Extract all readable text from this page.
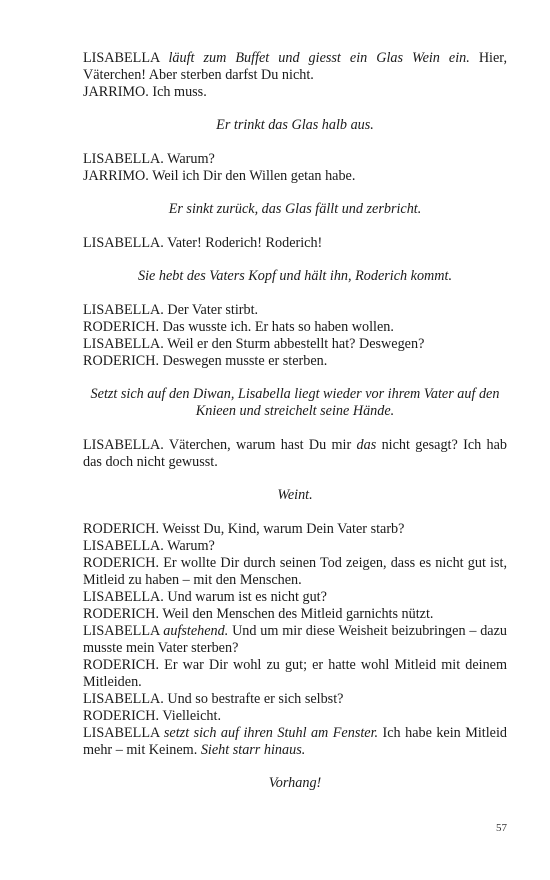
LISABELLA läuft zum Buffet und giesst ein Glas Wein ein. Hier, Väterchen! Aber sterben darfst Du nicht.

JARRIMO. Ich muss.

Er trinkt das Glas halb aus.

LISABELLA. Warum?

JARRIMO. Weil ich Dir den Willen getan habe.

Er sinkt zurück, das Glas fällt und zerbricht.

LISABELLA. Vater! Roderich! Roderich!

Sie hebt des Vaters Kopf und hält ihn, Roderich kommt.

LISABELLA. Der Vater stirbt.

RODERICH. Das wusste ich. Er hats so haben wollen.

LISABELLA. Weil er den Sturm abbestellt hat? Deswegen?

RODERICH. Deswegen musste er sterben.

Setzt sich auf den Diwan, Lisabella liegt wieder vor ihrem Vater auf den Knieen und streichelt seine Hände.

LISABELLA. Väterchen, warum hast Du mir das nicht gesagt? Ich hab das doch nicht gewusst.

Weint.

RODERICH. Weisst Du, Kind, warum Dein Vater starb?

LISABELLA. Warum?

RODERICH. Er wollte Dir durch seinen Tod zeigen, dass es nicht gut ist, Mitleid zu haben – mit den Menschen.

LISABELLA. Und warum ist es nicht gut?

RODERICH. Weil den Menschen des Mitleid garnichts nützt.

LISABELLA aufstehend. Und um mir diese Weisheit beizubringen – dazu musste mein Vater sterben?

RODERICH. Er war Dir wohl zu gut; er hatte wohl Mitleid mit deinem Mitleiden.

LISABELLA. Und so bestrafte er sich selbst?

RODERICH. Vielleicht.

LISABELLA setzt sich auf ihren Stuhl am Fenster. Ich habe kein Mitleid mehr – mit Keinem. Sieht starr hinaus.

Vorhang!

57
